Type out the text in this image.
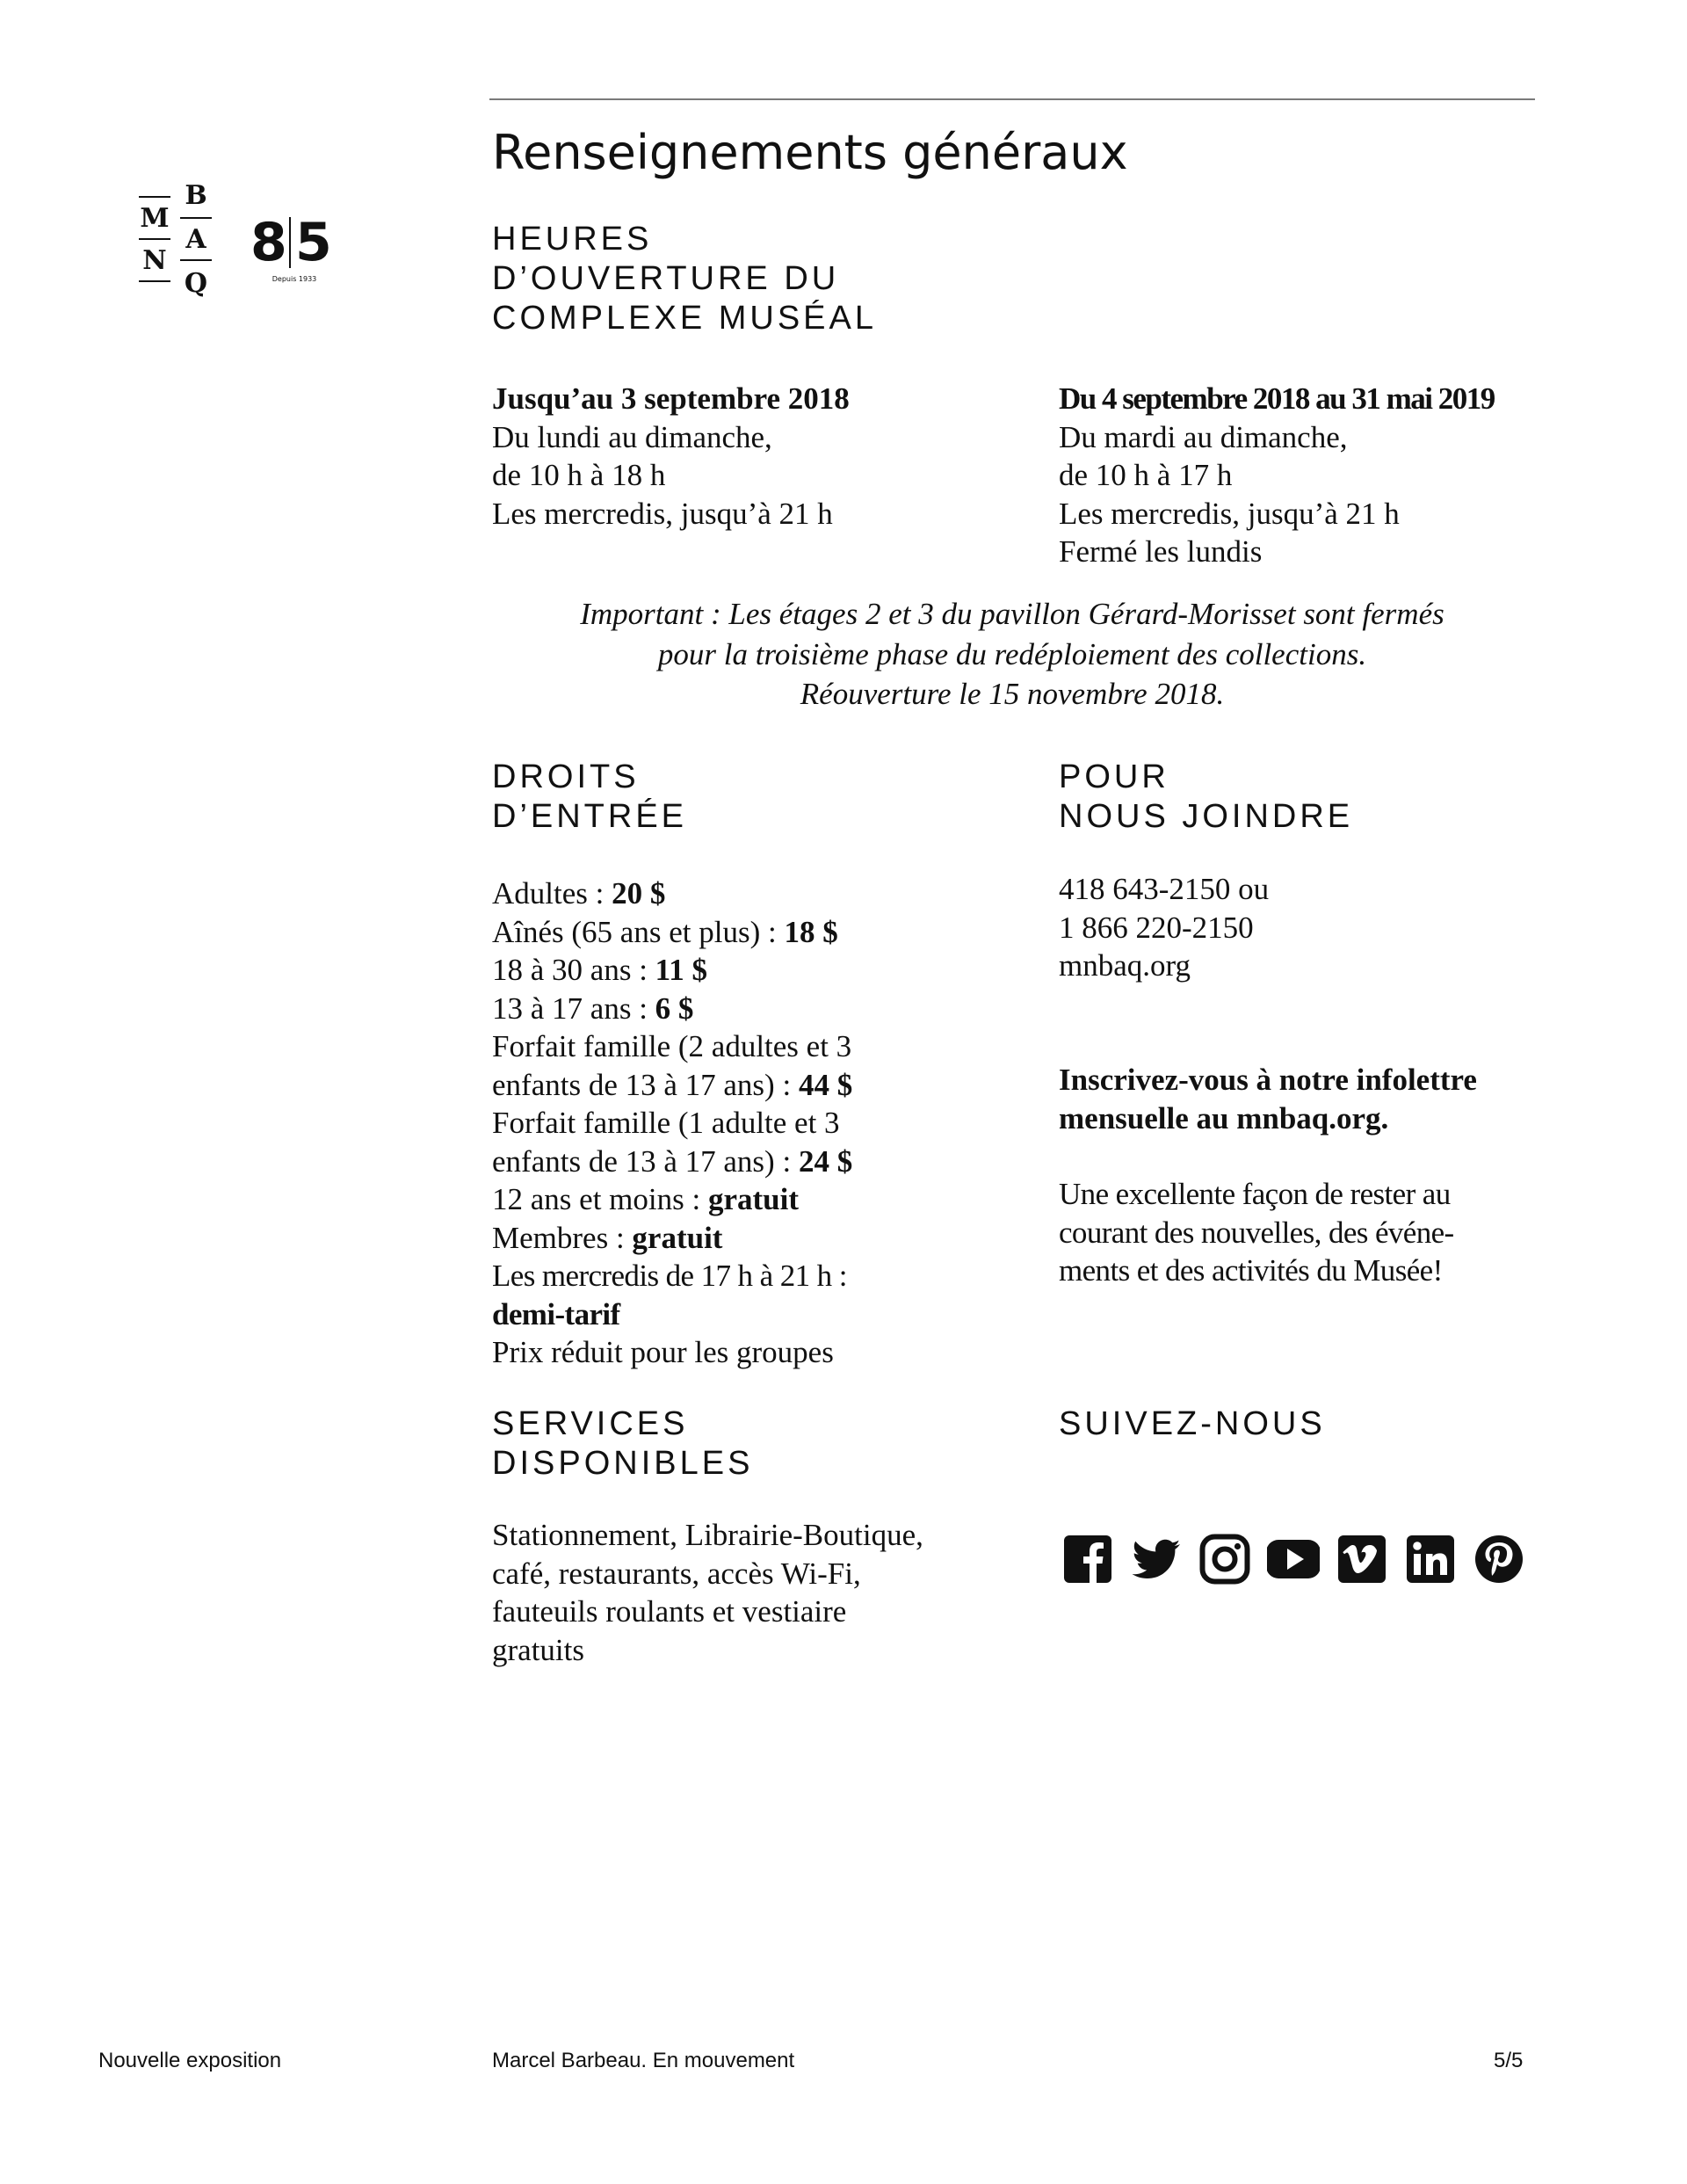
Renseignements généraux
M
N
B
A
Q
8 5
Depuis 1933
HEURES
D’OUVERTURE DU
COMPLEXE MUSÉAL
Jusqu’au 3 septembre 2018
Du lundi au dimanche,
de 10 h à 18 h
Les mercredis, jusqu’à 21 h
Du 4 septembre 2018 au 31 mai 2019
Du mardi au dimanche,
de 10 h à 17 h
Les mercredis, jusqu’à 21 h
Fermé les lundis
Important : Les étages 2 et 3 du pavillon Gérard-Morisset sont fermés
pour la troisième phase du redéploiement des collections.
Réouverture le 15 novembre 2018.
DROITS
D’ENTRÉE
Adultes : 20 $
Aînés (65 ans et plus) : 18 $
18 à 30 ans : 11 $
13 à 17 ans : 6 $
Forfait famille (2 adultes et 3
enfants de 13 à 17 ans) : 44 $
Forfait famille (1 adulte et 3
enfants de 13 à 17 ans) : 24 $
12 ans et moins : gratuit
Membres : gratuit
Les mercredis de 17 h à 21 h :
demi-tarif
Prix réduit pour les groupes
POUR
NOUS JOINDRE
418 643-2150 ou
1 866 220-2150
mnbaq.org
Inscrivez-vous à notre infolettre
mensuelle au mnbaq.org.
Une excellente façon de rester au
courant des nouvelles, des événe-
ments et des activités du Musée!
SERVICES
DISPONIBLES
Stationnement, Librairie-Boutique,
café, restaurants, accès Wi-Fi,
fauteuils roulants et vestiaire
gratuits
SUIVEZ-NOUS
Nouvelle exposition	Marcel Barbeau. En mouvement	5/5
